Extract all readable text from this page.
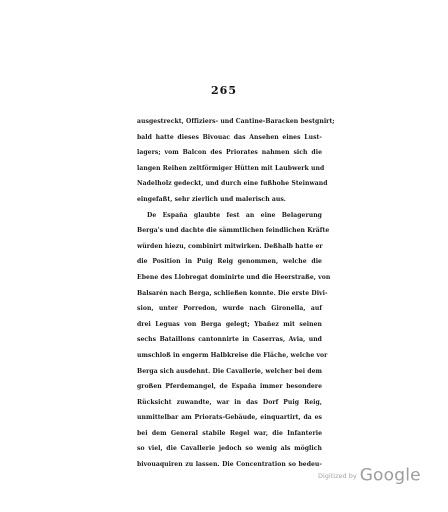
265
ausgestreckt, Offiziers- und Cantine-Baracken bestgnirt;
bald hatte dieses Bivouac das Ansehen eines Lust-
lagers; vom Balcon des Priorates nahmen sich die
langen Reihen zeltförmiger Hütten mit Laubwerk und
Nadelholz gedeckt, und durch eine fußhohe Steinwand
eingefaßt, sehr zierlich und malerisch aus.
De España glaubte fest an eine Belagerung
Berga's und dachte die sämmtlichen feindlichen Kräfte
würden hiezu, combinirt mitwirken. Deßhalb hatte er
die Position in Puig Reig genommen, welche die
Ebene des Llobregat dominirte und die Heerstraße, von
Balsarén nach Berga, schließen konnte. Die erste Divi-
sion, unter Porredon, wurde nach Gironella, auf
drei Leguas von Berga gelegt; Ybañez mit seinen
sechs Bataillons cantonnirte in Caserras, Avia, und
umschloß in engerm Halbkreise die Fläche, welche vor
Berga sich ausdehnt. Die Cavallerie, welcher bei dem
großen Pferdemangel, de España immer besondere
Rücksicht zuwandte, war in das Dorf Puig Reig,
unmittelbar am Priorats-Gebäude, einquartirt, da es
bei dem General stabile Regel war, die Infanterie
so viel, die Cavallerie jedoch so wenig als möglich
bivouaquiren zu lassen. Die Concentration so bedeu-
Digitized by Google
